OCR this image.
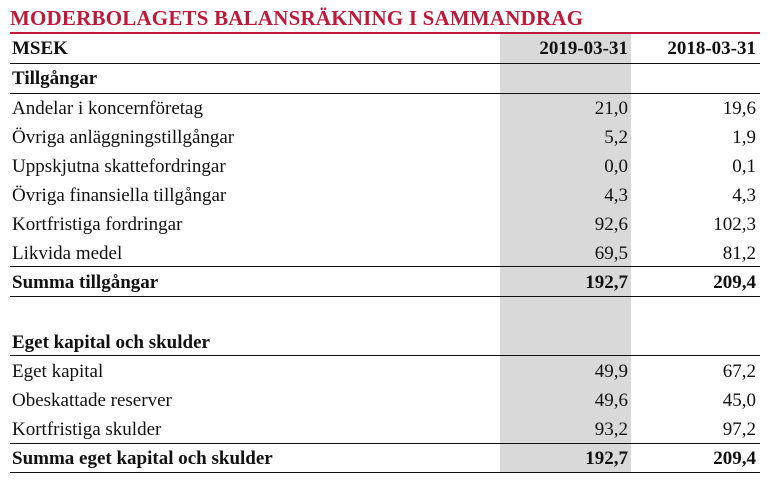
MODERBOLAGETS BALANSRÄKNING I SAMMANDRAG
MSEK	2019-03-31	2018-03-31
Tillgångar
Andelar i koncernföretag	21,0	19,6
Övriga anläggningstillgångar	5,2	1,9
Uppskjutna skattefordringar	0,0	0,1
Övriga finansiella tillgångar	4,3	4,3
Kortfristiga fordringar	92,6	102,3
Likvida medel	69,5	81,2
Summa tillgångar	192,7	209,4
Eget kapital och skulder
Eget kapital	49,9	67,2
Obeskattade reserver	49,6	45,0
Kortfristiga skulder	93,2	97,2
Summa eget kapital och skulder	192,7	209,4
